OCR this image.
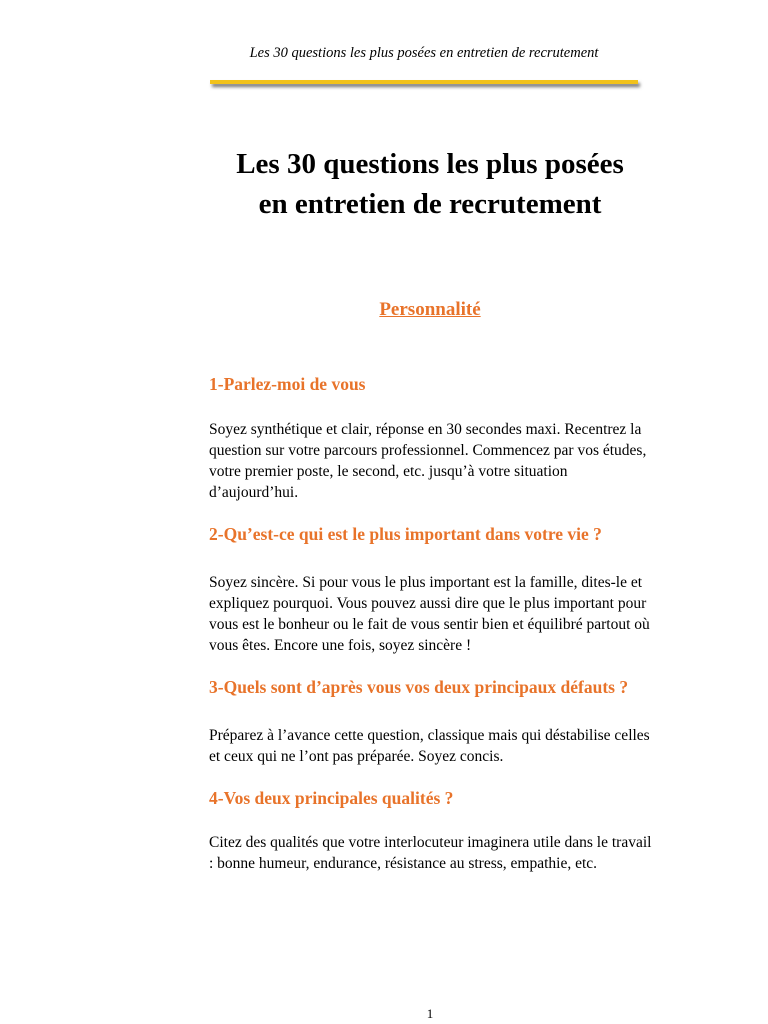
Les 30 questions les plus posées en entretien de recrutement
Les 30 questions les plus posées
en entretien de recrutement
Personnalité

1-Parlez-moi de vous

Soyez synthétique et clair, réponse en 30 secondes maxi. Recentrez la question sur votre parcours professionnel. Commencez par vos études, votre premier poste, le second, etc. jusqu’à votre situation d’aujourd’hui.

2-Qu’est-ce qui est le plus important dans votre vie ?

Soyez sincère. Si pour vous le plus important est la famille, dites-le et expliquez pourquoi. Vous pouvez aussi dire que le plus important pour vous est le bonheur ou le fait de vous sentir bien et équilibré partout où vous êtes. Encore une fois, soyez sincère !

3-Quels sont d’après vous vos deux principaux défauts ?

Préparez à l’avance cette question, classique mais qui déstabilise celles et ceux qui ne l’ont pas préparée. Soyez concis.

4-Vos deux principales qualités ?

Citez des qualités que votre interlocuteur imaginera utile dans le travail : bonne humeur, endurance, résistance au stress, empathie, etc.

1
